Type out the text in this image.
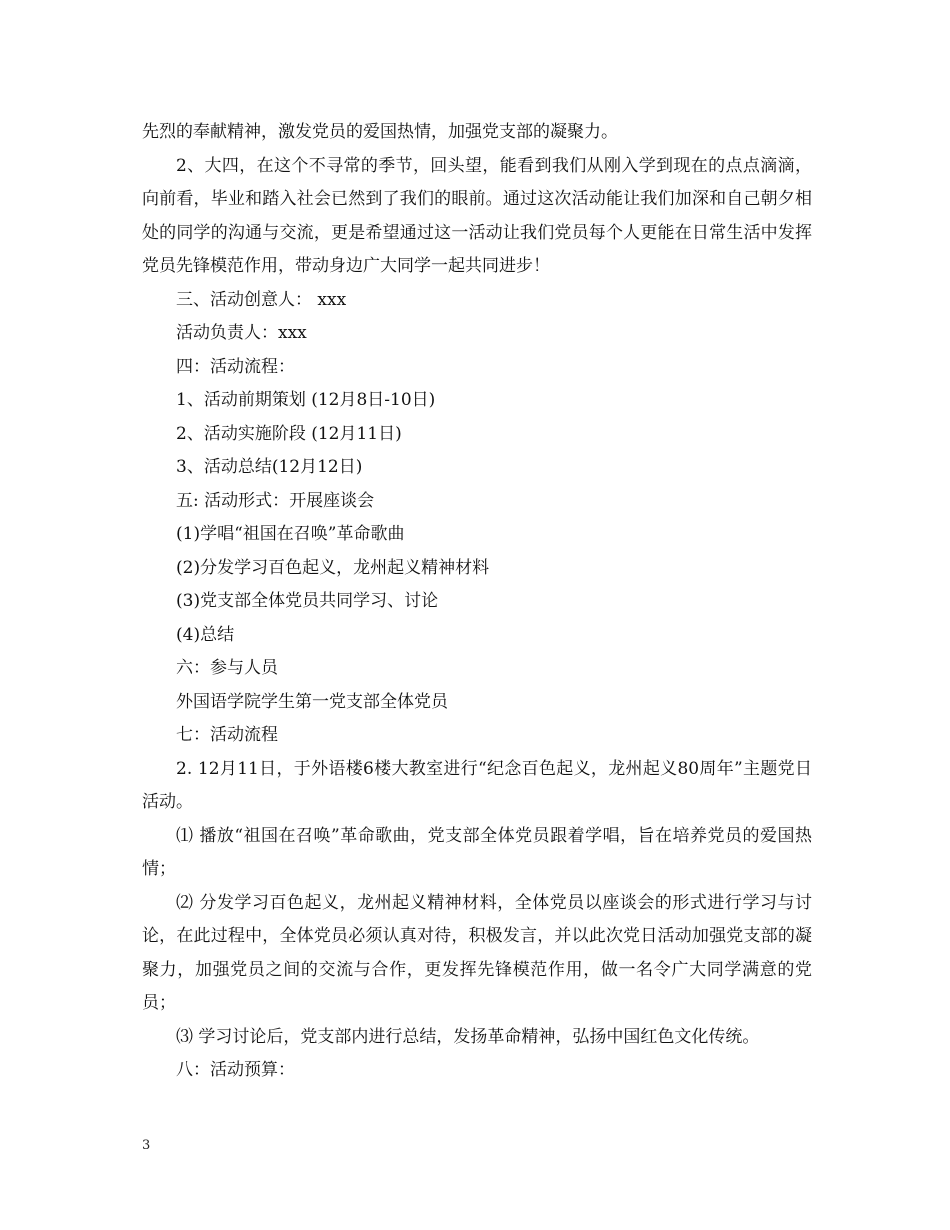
先烈的奉献精神，激发党员的爱国热情，加强党支部的凝聚力。

2、大四，在这个不寻常的季节，回头望，能看到我们从刚入学到现在的点点滴滴，向前看，毕业和踏入社会已然到了我们的眼前。通过这次活动能让我们加深和自己朝夕相处的同学的沟通与交流，更是希望通过这一活动让我们党员每个人更能在日常生活中发挥党员先锋模范作用，带动身边广大同学一起共同进步！

三、活动创意人： xxx

活动负责人：xxx

四：活动流程：

1、活动前期策划 (12月8日-10日)

2、活动实施阶段 (12月11日)

3、活动总结(12月12日)

五: 活动形式：开展座谈会

(1)学唱“祖国在召唤”革命歌曲

(2)分发学习百色起义，龙州起义精神材料

(3)党支部全体党员共同学习、讨论

(4)总结

六：参与人员

外国语学院学生第一党支部全体党员

七：活动流程

2. 12月11日，于外语楼6楼大教室进行“纪念百色起义，龙州起义80周年”主题党日活动。

⑴ 播放“祖国在召唤”革命歌曲，党支部全体党员跟着学唱，旨在培养党员的爱国热情；

⑵ 分发学习百色起义，龙州起义精神材料，全体党员以座谈会的形式进行学习与讨论，在此过程中，全体党员必须认真对待，积极发言，并以此次党日活动加强党支部的凝聚力，加强党员之间的交流与合作，更发挥先锋模范作用，做一名令广大同学满意的党员；

⑶ 学习讨论后，党支部内进行总结，发扬革命精神，弘扬中国红色文化传统。

八：活动预算：

3
